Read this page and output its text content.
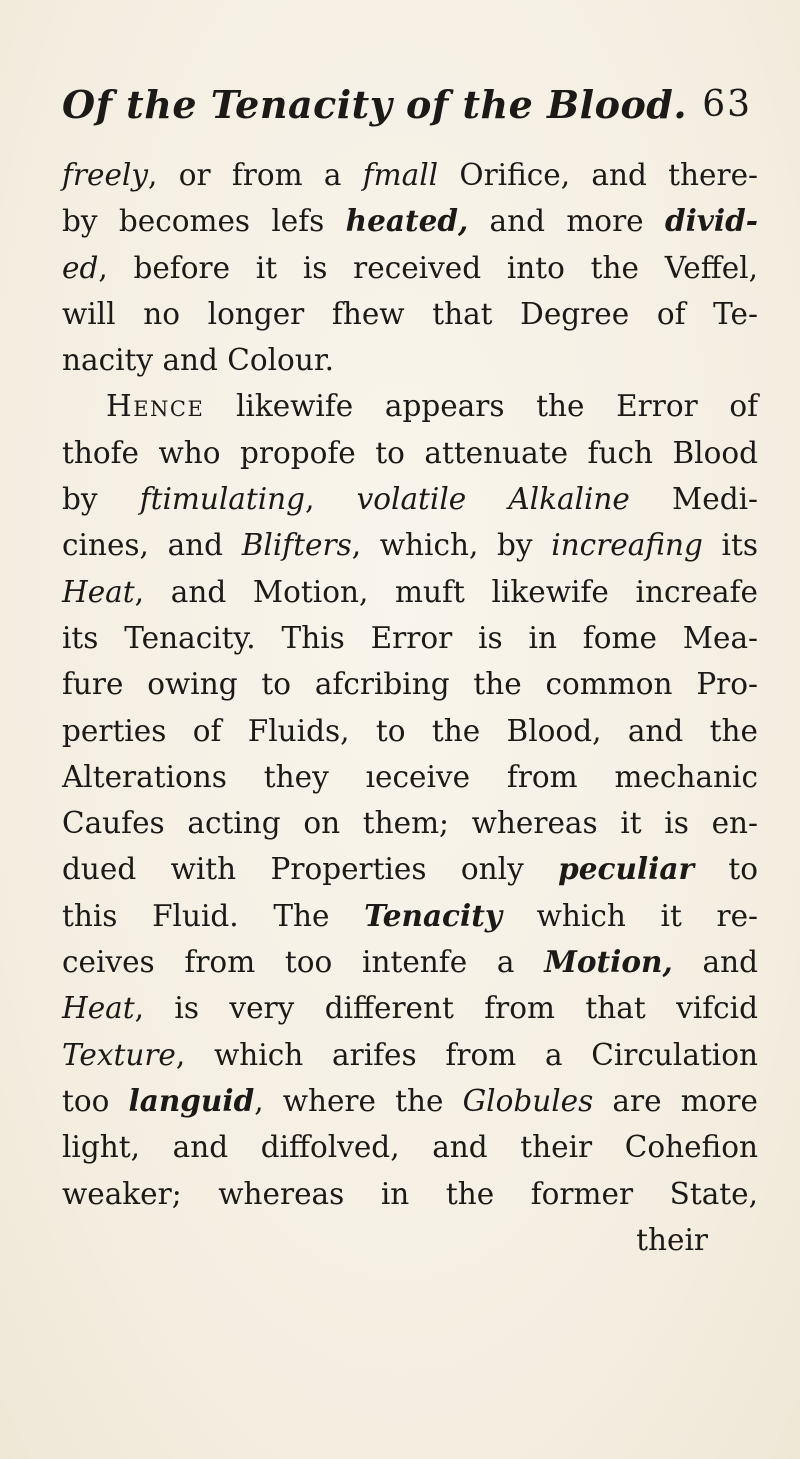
Of the Tenacity of the Blood. 63
freely, or from a fmall Orifice, and there-
by becomes lefs heated, and more divid-
ed, before it is received into the Veffel,
will no longer fhew that Degree of Te-
nacity and Colour.
Hence likewife appears the Error of
thofe who propofe to attenuate fuch Blood
by ftimulating, volatile Alkaline Medi-
cines, and Blifters, which, by increafing its
Heat, and Motion, muft likewife increafe
its Tenacity. This Error is in fome Mea-
fure owing to afcribing the common Pro-
perties of Fluids, to the Blood, and the
Alterations they ıeceive from mechanic
Caufes acting on them; whereas it is en-
dued with Properties only peculiar to
this Fluid. The Tenacity which it re-
ceives from too intenfe a Motion, and
Heat, is very different from that vifcid
Texture, which arifes from a Circulation
too languid, where the Globules are more
light, and diffolved, and their Cohefion
weaker; whereas in the former State,
their
